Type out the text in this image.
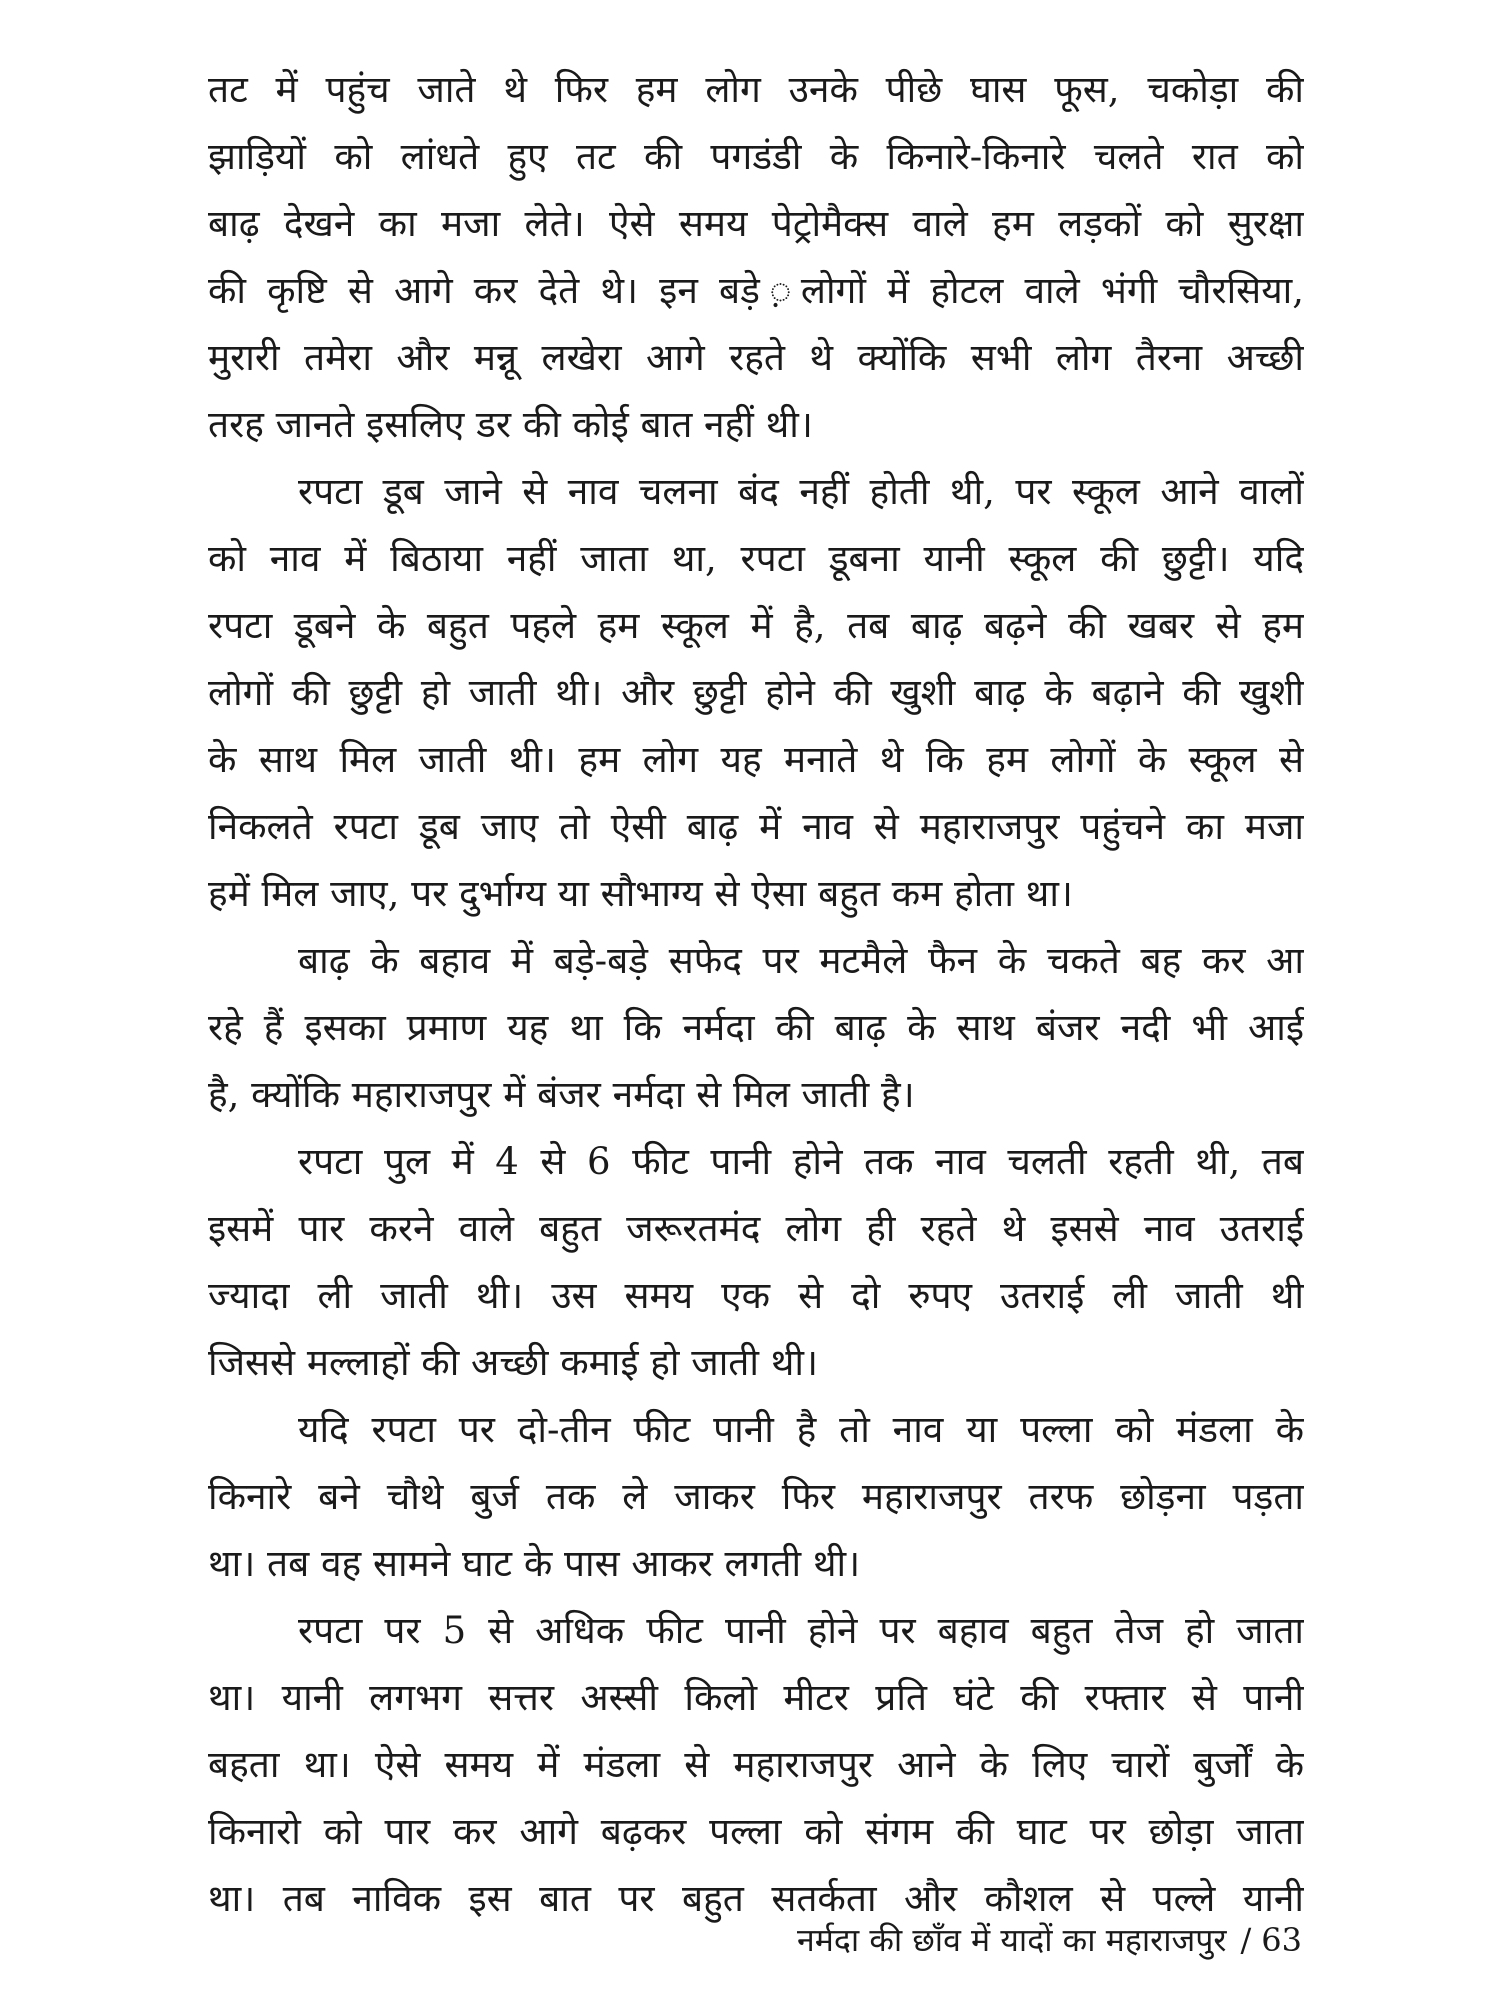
तट में पहुंच जाते थे फिर हम लोग उनके पीछे घास फूस, चकोड़ा की
झाड़ियों को लांधते हुए तट की पगडंडी के किनारे-किनारे चलते रात को
बाढ़ देखने का मजा लेते। ऐसे समय पेट्रोमैक्स वाले हम लड़कों को सुरक्षा
की कृष्टि से आगे कर देते थे। इन बड़े ़लोगों में होटल वाले भंगी चौरसिया,
मुरारी तमेरा और मन्नू लखेरा आगे रहते थे क्योंकि सभी लोग तैरना अच्छी
तरह जानते इसलिए डर की कोई बात नहीं थी।

रपटा डूब जाने से नाव चलना बंद नहीं होती थी, पर स्कूल आने वालों
को नाव में बिठाया नहीं जाता था, रपटा डूबना यानी स्कूल की छुट्टी। यदि
रपटा डूबने के बहुत पहले हम स्कूल में है, तब बाढ़ बढ़ने की खबर से हम
लोगों की छुट्टी हो जाती थी। और छुट्टी होने की खुशी बाढ़ के बढ़ाने की खुशी
के साथ मिल जाती थी। हम लोग यह मनाते थे कि हम लोगों के स्कूल से
निकलते रपटा डूब जाए तो ऐसी बाढ़ में नाव से महाराजपुर पहुंचने का मजा
हमें मिल जाए, पर दुर्भाग्य या सौभाग्य से ऐसा बहुत कम होता था।

बाढ़ के बहाव में बड़े-बड़े सफेद पर मटमैले फैन के चकते बह कर आ
रहे हैं इसका प्रमाण यह था कि नर्मदा की बाढ़ के साथ बंजर नदी भी आई
है, क्योंकि महाराजपुर में बंजर नर्मदा से मिल जाती है।

रपटा पुल में 4 से 6 फीट पानी होने तक नाव चलती रहती थी, तब
इसमें पार करने वाले बहुत जरूरतमंद लोग ही रहते थे इससे नाव उतराई
ज्यादा ली जाती थी। उस समय एक से दो रुपए उतराई ली जाती थी
जिससे मल्लाहों की अच्छी कमाई हो जाती थी।

यदि रपटा पर दो-तीन फीट पानी है तो नाव या पल्ला को मंडला के
किनारे बने चौथे बुर्ज तक ले जाकर फिर महाराजपुर तरफ छोड़ना पड़ता
था। तब वह सामने घाट के पास आकर लगती थी।

रपटा पर 5 से अधिक फीट पानी होने पर बहाव बहुत तेज हो जाता
था। यानी लगभग सत्तर अस्सी किलो मीटर प्रति घंटे की रफ्तार से पानी
बहता था। ऐसे समय में मंडला से महाराजपुर आने के लिए चारों बुर्जों के
किनारो को पार कर आगे बढ़कर पल्ला को संगम की घाट पर छोड़ा जाता
था। तब नाविक इस बात पर बहुत सतर्कता और कौशल से पल्ले यानी

नर्मदा की छाँव में यादों का महाराजपुर / 63
